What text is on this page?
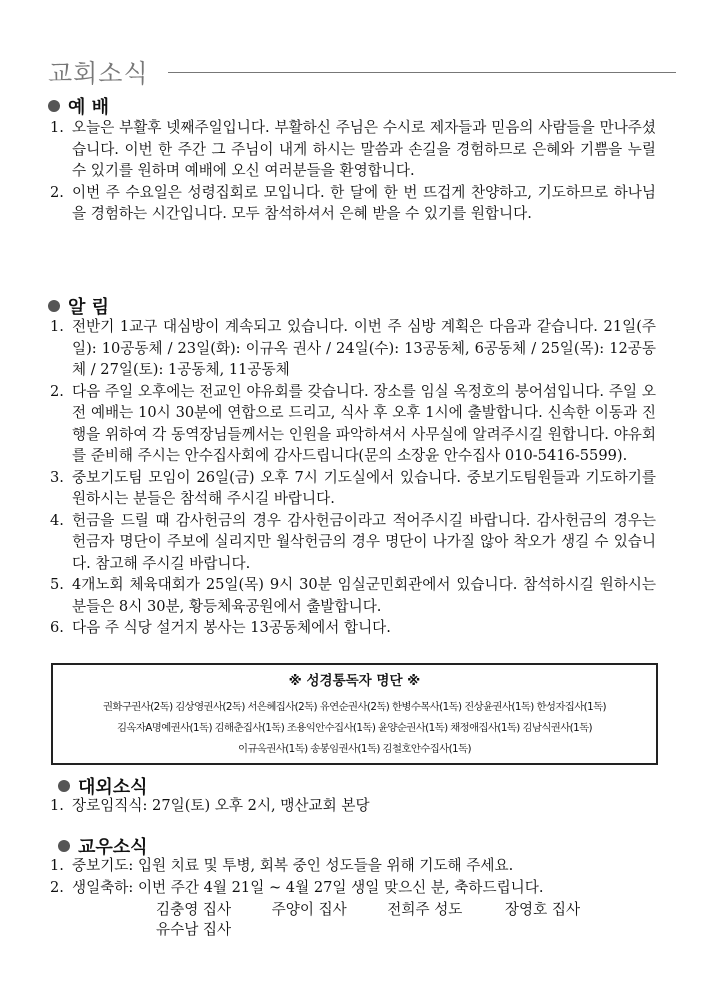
교회소식
예 배
1. 오늘은 부활후 넷째주일입니다. 부활하신 주님은 수시로 제자들과 믿음의 사람들을 만나주셨습니다. 이번 한 주간 그 주님이 내게 하시는 말씀과 손길을 경험하므로 은혜와 기쁨을 누릴 수 있기를 원하며 예배에 오신 여러분들을 환영합니다.
2. 이번 주 수요일은 성령집회로 모입니다. 한 달에 한 번 뜨겁게 찬양하고, 기도하므로 하나님을 경험하는 시간입니다. 모두 참석하셔서 은혜 받을 수 있기를 원합니다.
알 림
1. 전반기 1교구 대심방이 계속되고 있습니다. 이번 주 심방 계획은 다음과 같습니다. 21일(주일): 10공동체 / 23일(화): 이규옥 권사 / 24일(수): 13공동체, 6공동체 / 25일(목): 12공동체 / 27일(토): 1공동체, 11공동체
2. 다음 주일 오후에는 전교인 야유회를 갖습니다. 장소를 임실 옥정호의 붕어섬입니다. 주일 오전 예배는 10시 30분에 연합으로 드리고, 식사 후 오후 1시에 출발합니다. 신속한 이동과 진행을 위하여 각 동역장님들께서는 인원을 파악하셔서 사무실에 알려주시길 원합니다. 야유회를 준비해 주시는 안수집사회에 감사드립니다(문의 소장윤 안수집사 010-5416-5599).
3. 중보기도팀 모임이 26일(금) 오후 7시 기도실에서 있습니다. 중보기도팀원들과 기도하기를 원하시는 분들은 참석해 주시길 바랍니다.
4. 헌금을 드릴 때 감사헌금의 경우 감사헌금이라고 적어주시길 바랍니다. 감사헌금의 경우는 헌금자 명단이 주보에 실리지만 월삭헌금의 경우 명단이 나가질 않아 착오가 생길 수 있습니다. 참고해 주시길 바랍니다.
5. 4개노회 체육대회가 25일(목) 9시 30분 임실군민회관에서 있습니다. 참석하시길 원하시는 분들은 8시 30분, 황등체육공원에서 출발합니다.
6. 다음 주 식당 설거지 봉사는 13공동체에서 합니다.
※ 성경통독자 명단 ※
권화구권사(2독) 김상영권사(2독) 서은혜집사(2독) 유연순권사(2독) 한병수목사(1독) 진상윤권사(1독) 한성자집사(1독)
김옥자A명예권사(1독) 김해춘집사(1독) 조용익안수집사(1독) 윤양순권사(1독) 채정애집사(1독) 김남식권사(1독)
이규옥권사(1독) 송봉임권사(1독) 김철호안수집사(1독)
대외소식
1. 장로임직식: 27일(토) 오후 2시, 맹산교회 본당
교우소식
1. 중보기도: 입원 치료 및 투병, 회복 중인 성도들을 위해 기도해 주세요.
2. 생일축하: 이번 주간 4월 21일 ~ 4월 27일 생일 맞으신 분, 축하드립니다.
김충영 집사	주양이 집사	전희주 성도	장영호 집사
유수남 집사
